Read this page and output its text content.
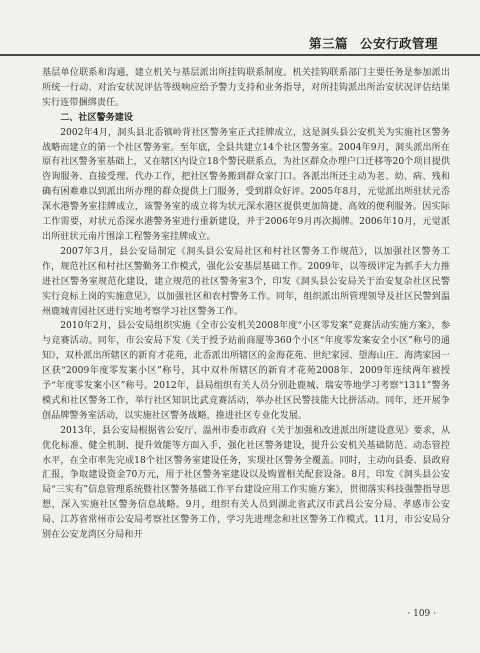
第三篇 公安行政管理

基层单位联系和沟通，建立机关与基层派出所挂钩联系制度。机关挂钩联系部门主要任务是参加派出所统一行动、对治安状况评估等级响应给予警力支持和业务指导，对所挂钩派出所治安状况评估结果实行连带捆绑责任。

二、社区警务建设

2002年4月，洞头县北岙镇岭背社区警务室正式挂牌成立，这是洞头县公安机关为实施社区警务战略而建立的第一个社区警务室。至年底，全县共建立14个社区警务室。2004年9月，洞头派出所在原有社区警务室基础上，又在辖区内设立18个警民联系点，为社区群众办理户口迁移等20个项目提供咨询服务、直接受理、代办工作，把社区警务搬到群众家门口。各派出所还主动为老、幼、病、残和确有困难难以到派出所办理的群众提供上门服务，受到群众好评。2005年8月，元觉派出所驻状元岙深水港警务室挂牌成立，该警务室的成立将为状元深水港区提供更加简捷、高效的便利服务。因实际工作需要，对状元岙深水港警务室进行重新建设，并于2006年9月再次揭牌。2006年10月，元觉派出所驻状元南片围涂工程警务室挂牌成立。

2007年3月，县公安局制定《洞头县公安局社区和村社区警务工作规范》，以加强社区警务工作，规范社区和村社区警勤务工作模式，强化公安基层基础工作。2009年，以等级评定为抓手大力推进社区警务室规范化建设，建立规范的社区警务室3个，印发《洞头县公安局关于治安复杂社区民警实行竞标上岗的实施意见》，以加强社区和农村警务工作。同年，组织派出所管理领导及社区民警到温州鹿城青园社区进行实地考察学习社区警务工作。

2010年2月，县公安局组织实施《全市公安机关2008年度“小区零发案”竞赛活动实施方案》，参与竞赛活动。同年，市公安局下发《关于授予站前商厦等360个小区“年度零发案安全小区”称号的通知》，双朴派出所辖区的新育才花苑，北岙派出所辖区的金海花苑、世纪家园、望海山庄、海湾家园一区获“2009年度零发案小区”称号，其中双朴所辖区的新育才花苑2008年、2009年连续两年被授予“年度零发案小区”称号。2012年，县局组织有关人员分别赴鹿城、瑞安等地学习考察“1311”警务模式和社区警务工作，举行社区知识比武竞赛活动，举办社区民警技能大比拼活动。同年，还开展争创品牌警务室活动，以实施社区警务战略，推进社区专业化发展。

2013年，县公安局根据省公安厅、温州市委市政府《关于加强和改进派出所建设意见》要求，从优化标准、健全机制、提升效能等方面入手，强化社区警务建设，提升公安机关基础防范、动态管控水平，在全市率先完成18个社区警务室建设任务，实现社区警务全覆盖。同时，主动向县委、县政府汇报，争取建设资金70万元，用于社区警务室建设以及购置相关配套设备。8月，印发《洞头县公安局“三实有”信息管理系统暨社区警务基础工作平台建设应用工作实施方案》，贯彻落实科技强警指导思想，深入实施社区警务信息战略。9月，组织有关人员到湖北省武汉市武昌公安分局、孝感市公安局、江苏省常州市公安局考察社区警务工作，学习先进理念和社区警务工作模式。11月，市公安局分别在公安龙湾区分局和开

· 109 ·
